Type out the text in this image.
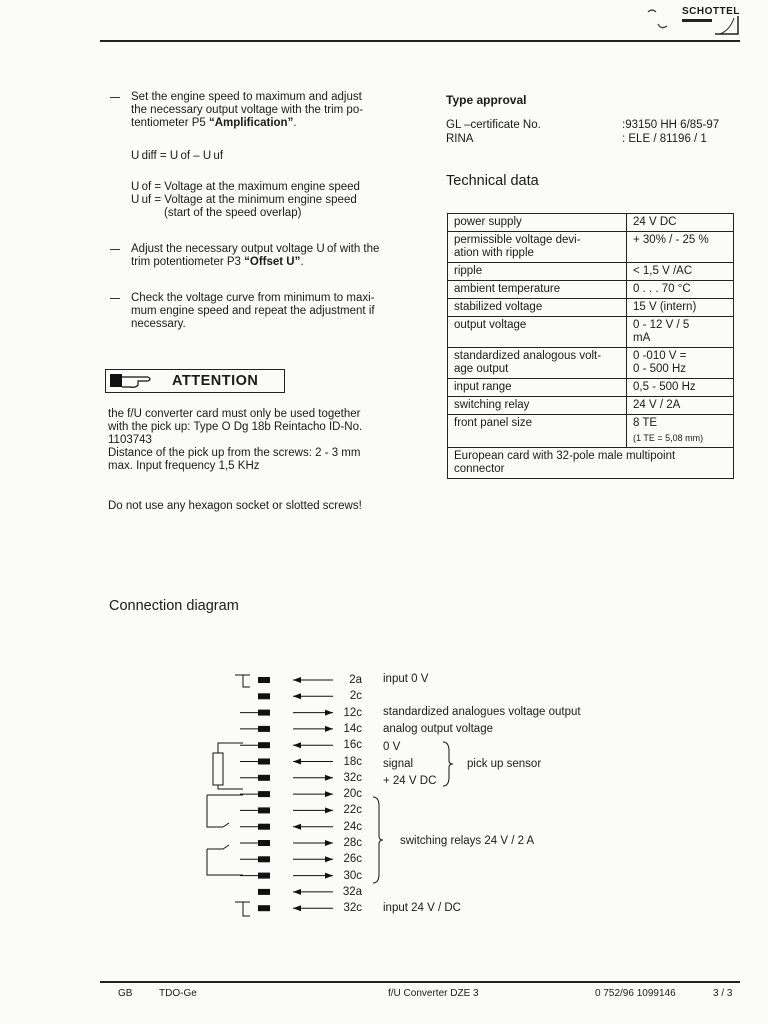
SCHOTTEL
Set the engine speed to maximum and adjust
the necessary output voltage with the trim po-
tentiometer P5 “Amplification”.
U diff = U of – U uf
U of = Voltage at the maximum engine speed
U uf = Voltage at the minimum engine speed
(start of the speed overlap)
Adjust the necessary output voltage U of with the
trim potentiometer P3 “Offset U”.
Check the voltage curve from minimum to maxi-
mum engine speed and repeat the adjustment if
necessary.
ATTENTION
the f/U converter card must only be used together
with the pick up: Type O Dg 18b Reintacho ID-No.
1103743
Distance of the pick up from the screws: 2 - 3 mm
max. Input frequency 1,5 KHz
Do not use any hexagon socket or slotted screws!
Type approval
GL –certificate No.	:93150 HH 6/85-97
RINA	: ELE / 81196 / 1
Technical data
power supply	24 V DC
permissible voltage devi-
ation with ripple	+ 30% / - 25 %
ripple	< 1,5 V /AC
ambient temperature	0 . . . 70 °C
stabilized voltage	15 V (intern)
output voltage	0 - 12 V / 5
mA
standardized analogous volt-
age output	0 -010 V =
0 - 500 Hz
input range	0,5 - 500 Hz
switching relay	24 V / 2A
front panel size	8 TE
(1 TE = 5,08 mm)

European card with 32-pole male multipoint
connector	
Connection diagram
2a
2c
12c
14c
16c
18c
32c
20c
22c
24c
28c
26c
30c
32a
32c
input 0 V
standardized analogues voltage output
analog output voltage
0 V
signal
+ 24 V DC
pick up sensor
switching relays 24 V / 2 A
input 24 V / DC
GB	TDO-Ge	f/U Converter DZE 3	0 752/96 1099146	3 / 3
